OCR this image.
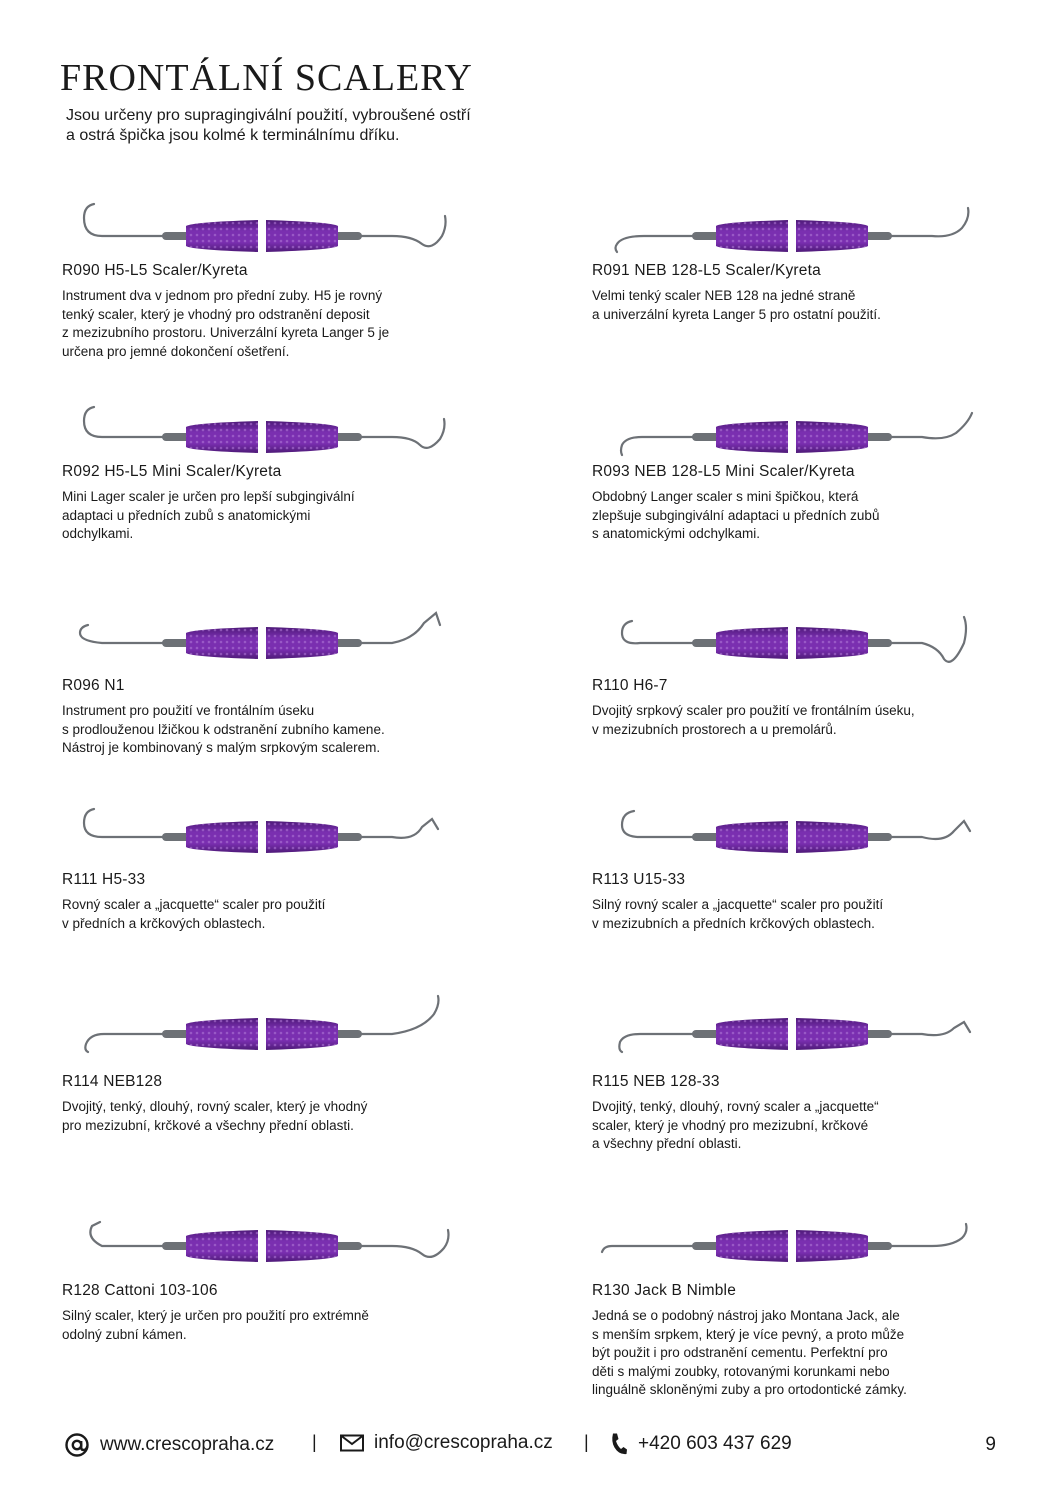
FRONTÁLNÍ SCALERY
Jsou určeny pro supragingivální použití, vybroušené ostří
a ostrá špička jsou kolmé k terminálnímu dříku.
R090 H5-L5 Scaler/Kyreta
Instrument dva v jednom pro přední zuby. H5 je rovný
tenký scaler, který je vhodný pro odstranění deposit
z mezizubního prostoru. Univerzální kyreta Langer 5 je
určena pro jemné dokončení ošetření.
R091 NEB 128-L5 Scaler/Kyreta
Velmi tenký scaler NEB 128 na jedné straně
a univerzální kyreta Langer 5 pro ostatní použití.
R092 H5-L5 Mini Scaler/Kyreta
Mini Lager scaler je určen pro lepší subgingivální
adaptaci u předních zubů s anatomickými
odchylkami.
R093 NEB 128-L5 Mini Scaler/Kyreta
Obdobný Langer scaler s mini špičkou, která
zlepšuje subgingivální adaptaci u předních zubů
s anatomickými odchylkami.
R096 N1
Instrument pro použití ve frontálním úseku
s prodlouženou lžičkou k odstranění zubního kamene.
Nástroj je kombinovaný s malým srpkovým scalerem.
R110 H6-7
Dvojitý srpkový scaler pro použití ve frontálním úseku,
v mezizubních prostorech a u premolárů.
R111 H5-33
Rovný scaler a „jacquette“ scaler pro použití
v předních a krčkových oblastech.
R113 U15-33
Silný rovný scaler a „jacquette“ scaler pro použití
v mezizubních a předních krčkových oblastech.
R114 NEB128
Dvojitý, tenký, dlouhý, rovný scaler, který je vhodný
pro mezizubní, krčkové a všechny přední oblasti.
R115 NEB 128-33
Dvojitý, tenký, dlouhý, rovný scaler a „jacquette“
scaler, který je vhodný pro mezizubní, krčkové
a všechny přední oblasti.
R128 Cattoni 103-106
Silný scaler, který je určen pro použití pro extrémně
odolný zubní kámen.
R130 Jack B Nimble
Jedná se o podobný nástroj jako Montana Jack, ale
s menším srpkem, který je více pevný, a proto může
být použit i pro odstranění cementu. Perfektní pro
děti s malými zoubky, rotovanými korunkami nebo
linguálně skloněnými zuby a pro ortodontické zámky.
www.crescopraha.cz |	info@crescopraha.cz |	+420 603 437 629	9
